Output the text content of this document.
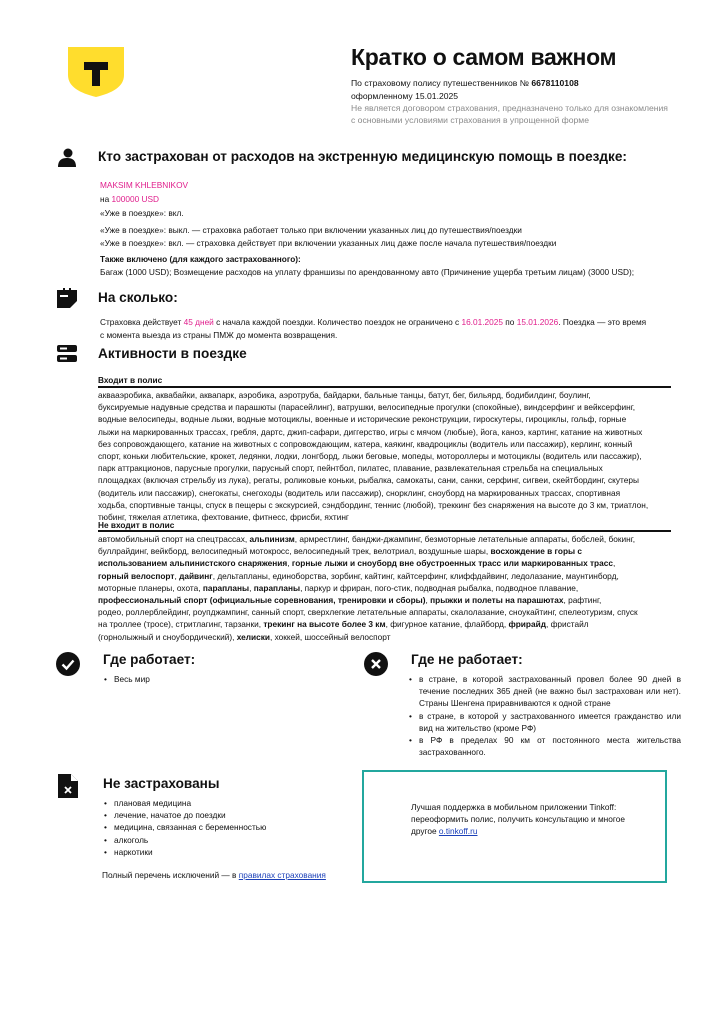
Кратко о самом важном
По страховому полису путешественников № 6678110108
оформленному 15.01.2025
Не является договором страхования, предназначено только для ознакомления
с основными условиями страхования в упрощенной форме
Кто застрахован от расходов на экстренную медицинскую помощь в поездке:
MAKSIM KHLEBNIKOV
на 100000 USD
«Уже в поездке»: вкл.
«Уже в поездке»: выкл. — страховка работает только при включении указанных лиц до путешествия/поездки
«Уже в поездке»: вкл. — страховка действует при включении указанных лиц даже после начала путешествия/поездки
Также включено (для каждого застрахованного):
Багаж (1000 USD); Возмещение расходов на уплату франшизы по арендованному авто (Причинение ущерба третьим лицам) (3000 USD);
На сколько:
Страховка действует 45 дней с начала каждой поездки. Количество поездок не ограничено с 16.01.2025 по 15.01.2026. Поездка — это время
с момента выезда из страны ПМЖ до момента возвращения.
Активности в поездке
Входит в полис
аквааэробика, аквабайки, аквапарк, аэробика, аэротруба, байдарки, бальные танцы, батут, бег, бильярд, бодибилдинг, боулинг,
буксируемые надувные средства и парашюты (парасейлинг), ватрушки, велосипедные прогулки (спокойные), виндсерфинг и вейксерфинг,
водные велосипеды, водные лыжи, водные мотоциклы, военные и исторические реконструкции, гироскутеры, гироциклы, гольф, горные
лыжи на маркированных трассах, гребля, дартс, джип-сафари, диггерство, игры с мячом (любые), йога, каноэ, картинг, катание на животных
без сопровождающего, катание на животных с сопровождающим, катера, каякинг, квадроциклы (водитель или пассажир), керлинг, конный
спорт, коньки любительские, крокет, ледянки, лодки, лонгборд, лыжи беговые, мопеды, мотороллеры и мотоциклы (водитель или пассажир),
парк аттракционов, парусные прогулки, парусный спорт, пейнтбол, пилатес, плавание, развлекательная стрельба на специальных
площадках (включая стрельбу из лука), регаты, роликовые коньки, рыбалка, самокаты, сани, санки, серфинг, сигвеи, скейтбординг, скутеры
(водитель или пассажир), снегокаты, снегоходы (водитель или пассажир), снорклинг, сноуборд на маркированных трассах, спортивная
ходьба, спортивные танцы, спуск в пещеры с экскурсией, сэндбординг, теннис (любой), треккинг без снаряжения на высоте до 3 км, триатлон,
тюбинг, тяжелая атлетика, фехтование, фитнесс, фрисби, яхтинг
Не входит в полис
автомобильный спорт на спецтрассах, альпинизм, армрестлинг, банджи-джампинг, безмоторные летательные аппараты, бобслей, бокинг,
буллрайдинг, вейкборд, велосипедный мотокросс, велосипедный трек, велотриал, воздушные шары, восхождение в горы с
использованием альпинистского снаряжения, горные лыжи и сноуборд вне обустроенных трасс или маркированных трасс,
горный велоспорт, дайвинг, дельтапланы, единоборства, зорбинг, кайтинг, кайтсерфинг, клиффдайвинг, ледолазание, маунтинборд,
моторные планеры, охота, парапланы, парапланы, паркур и фриран, пого-стик, подводная рыбалка, подводное плавание,
профессиональный спорт (официальные соревнования, тренировки и сборы), прыжки и полеты на парашютах, рафтинг,
родео, роллерблейдинг, роупджампинг, санный спорт, сверхлегкие летательные аппараты, скалолазание, сноукайтинг, спелеотуризм, спуск
на троллее (тросе), стритлагинг, тарзанки, трекинг на высоте более 3 км, фигурное катание, флайборд, фрирайд, фристайл
(горнолыжный и сноубордический), хелиски, хоккей, шоссейный велоспорт
Где работает:
• Весь мир
Где не работает:
• в стране, в которой застрахованный провел более 90 дней в течение последних 365 дней (не важно был застрахован или нет). Страны Шенгена приравниваются к одной стране
• в стране, в которой у застрахованного имеется гражданство или вид на жительство (кроме РФ)
• в РФ в пределах 90 км от постоянного места жительства застрахованного.
Не застрахованы
• плановая медицина
• лечение, начатое до поездки
• медицина, связанная с беременностью
• алкоголь
• наркотики
Полный перечень исключений — в правилах страхования
Лучшая поддержка в мобильном приложении Tinkoff:
переоформить полис, получить консультацию и многое
другое o.tinkoff.ru
